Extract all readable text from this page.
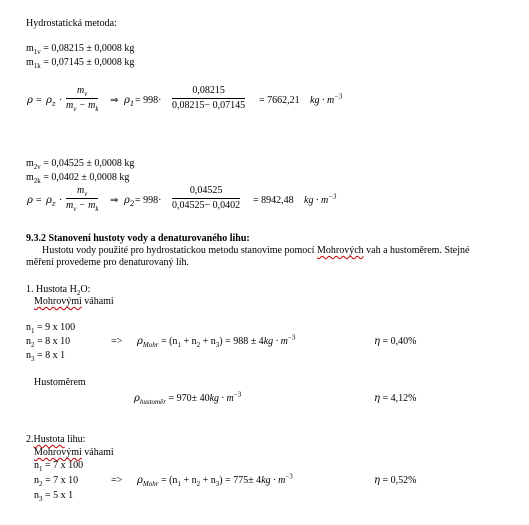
Hydrostatická metoda:
$m_{1v} = 0,08215 \pm 0,0008$ kg
$m_{1k} = 0,07145 \pm 0,0008$ kg
$\rho = \rho_z \cdot \frac{m_v}{m_v - m_k}$ ⇒ $\rho_1 = 998\cdot \frac{0,08215}{0,08215- 0,07145} = 7662,21$ kg · $m^{-3}$
$m_{2v} = 0,04525 \pm 0,0008$ kg
$m_{2k} = 0,0402 \pm 0,0008$ kg
$\rho = \rho_z \cdot \frac{m_v}{m_v - m_k}$ ⇒ $\rho_2 = 998\cdot \frac{0,04525}{0,04525- 0,0402} = 8942,48$ kg · $m^{-3}$
9.3.2 Stanovení hustoty vody a denaturovaného lihu:
Hustotu vody použité pro hydrostatickou metodu stanovíme pomocí Mohrových vah a hustoměrem. Stejné
měření provedeme pro denaturovaný líh.
1. Hustota $H_2O$:
Mohrovými váhami
$n_1 = 9$ x 100
$n_2 = 8$ x 10
$n_3 = 8$ x 1
=> $\rho_{Mohr} = (n_1 + n_2 + n_3) = 988 \pm 4kg \cdot m^{-3}$	η = 0,40%
Hustoměrem
$\rho_{hustoměr} = 970\pm 40kg \cdot m^{-3}$	η = 4,12%
2.Hustota lihu:
Mohrovými váhami
$n_1 = 7$ x 100
$n_2 = 7$ x 10
$n_3 = 5$ x 1
=> $\rho_{Mohr} = (n_1 + n_2 + n_3) = 775\pm 4kg \cdot m^{-3}$	η = 0,52%
